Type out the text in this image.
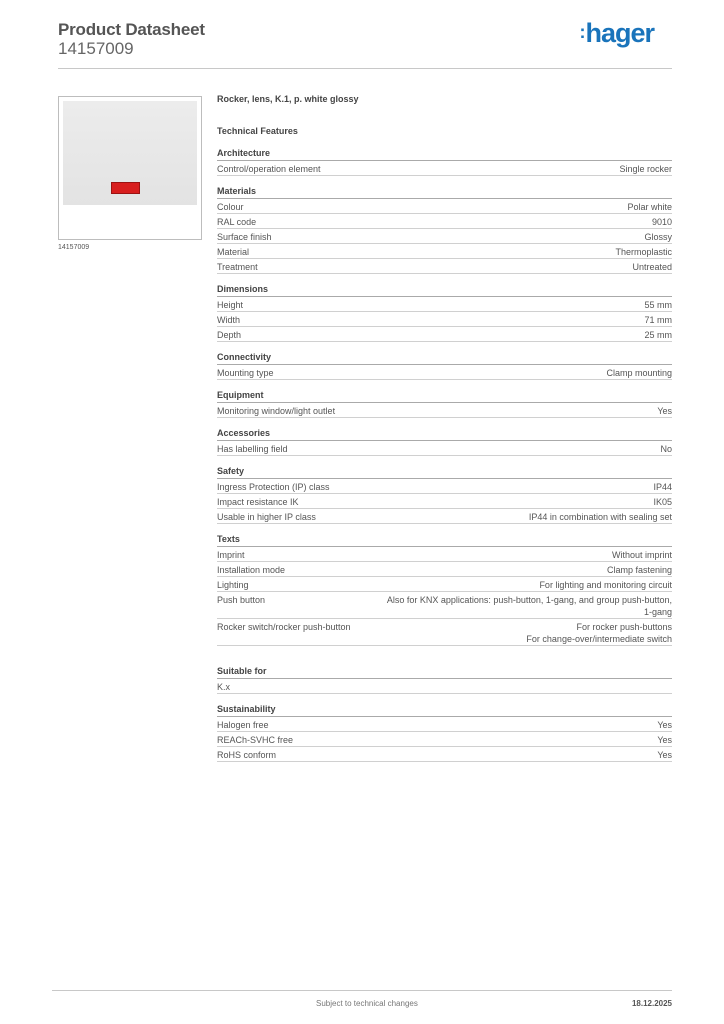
Product Datasheet
14157009
:hager
14157009
Rocker, lens, K.1, p. white glossy
Technical Features
Architecture
Control/operation element	Single rocker
Materials
Colour	Polar white
RAL code	9010
Surface finish	Glossy
Material	Thermoplastic
Treatment	Untreated
Dimensions
Height	55 mm
Width	71 mm
Depth	25 mm
Connectivity
Mounting type	Clamp mounting
Equipment
Monitoring window/light outlet	Yes
Accessories
Has labelling field	No
Safety
Ingress Protection (IP) class	IP44
Impact resistance IK	IK05
Usable in higher IP class	IP44 in combination with sealing set
Texts
Imprint	Without imprint
Installation mode	Clamp fastening
Lighting	For lighting and monitoring circuit
Push button	Also for KNX applications: push-button, 1-gang, and group push-button,
1-gang
Rocker switch/rocker push-button	For rocker push-buttons
For change-over/intermediate switch
Suitable for
K.x
Sustainability
Halogen free	Yes
REACh-SVHC free	Yes
RoHS conform	Yes
Subject to technical changes	18.12.2025
